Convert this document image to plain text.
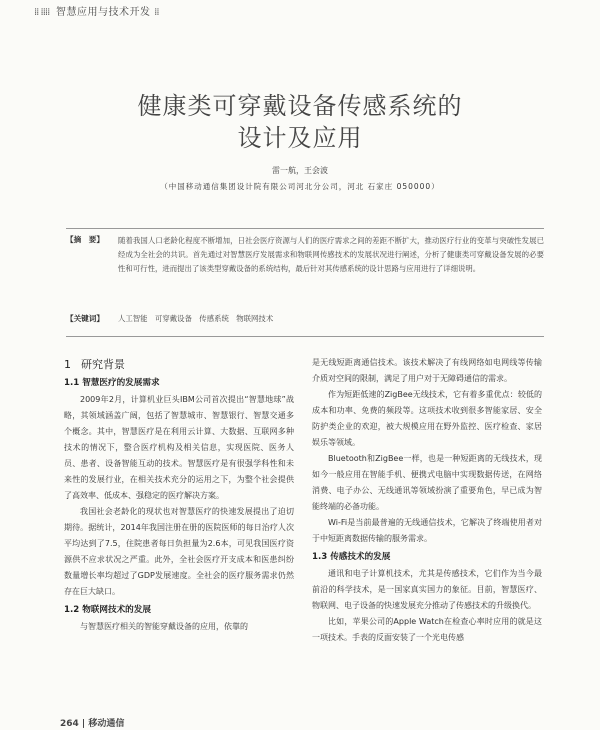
⁞⁞ ⁞⁞⁞⁞ 智慧应用与技术开发 ⁞⁞
健康类可穿戴设备传感系统的
设计及应用
雷一航，王会波
（中国移动通信集团设计院有限公司河北分公司，河北 石家庄 050000）
【摘　要】 随着我国人口老龄化程度不断增加，日社会医疗资源与人们的医疗需求之间的差距不断扩大，推动医疗行业的变革与突破性发展已经成为全社会的共识。首先通过对智慧医疗发展需求和物联网传感技术的发展状况进行阐述，分析了健康类可穿戴设备发展的必要性和可行性，进而提出了该类型穿戴设备的系统结构，最后针对其传感系统的设计思路与应用进行了详细说明。
【关键词】 人工智能　可穿戴设备　传感系统　物联网技术
1 研究背景
1.1 智慧医疗的发展需求

2009年2月，计算机业巨头IBM公司首次提出“智慧地球”战略，其领域涵盖广阔，包括了智慧城市、智慧银行、智慧交通多个概念。其中，智慧医疗是在利用云计算、大数据、互联网多种技术的情况下，整合医疗机构及相关信息，实现医院、医务人员、患者、设备智能互动的技术。智慧医疗是有很强学科性和未来性的发展行业，在相关技术充分的运用之下，为整个社会提供了高效率、低成本、强稳定的医疗解决方案。

我国社会老龄化的现状也对智慧医疗的快速发展提出了迫切期待。据统计，2014年我国注册在册的医院医师的每日治疗人次平均达到了7.5，住院患者每日负担量为2.6本，可见我国医疗资源供不应求状况之严重。此外，全社会医疗开支成本和医患纠纷数量增长率均超过了GDP发展速度。全社会的医疗服务需求仍然存在巨大缺口。

1.2 物联网技术的发展

与智慧医疗相关的智能穿戴设备的应用，依靠的

是无线短距离通信技术。该技术解决了有线网络如电网线等传输介质对空间的限制，满足了用户对于无障碍通信的需求。

作为短距低速的ZigBee无线技术，它有着多重优点：较低的成本和功率、免费的频段等。这项技术收到很多智能家居、安全防护类企业的欢迎，被大规模应用在野外监控、医疗检查、家居娱乐等领域。

Bluetooth和ZigBee一样，也是一种短距离的无线技术，现如今一般应用在智能手机、便携式电脑中实现数据传送，在网络消费、电子办公、无线通讯等领域扮演了重要角色，早已成为智能终端的必备功能。

Wi-Fi是当前最普遍的无线通信技术，它解决了终端使用者对于中短距离数据传输的服务需求。

1.3 传感技术的发展

通讯和电子计算机技术，尤其是传感技术，它们作为当今最前沿的科学技术，是一国家真实国力的象征。目前，智慧医疗、物联网、电子设备的快速发展充分推动了传感技术的升级换代。

比如，苹果公司的Apple Watch在检查心率时应用的就是这一项技术。手表的反面安装了一个光电传感

264 | 移动通信
